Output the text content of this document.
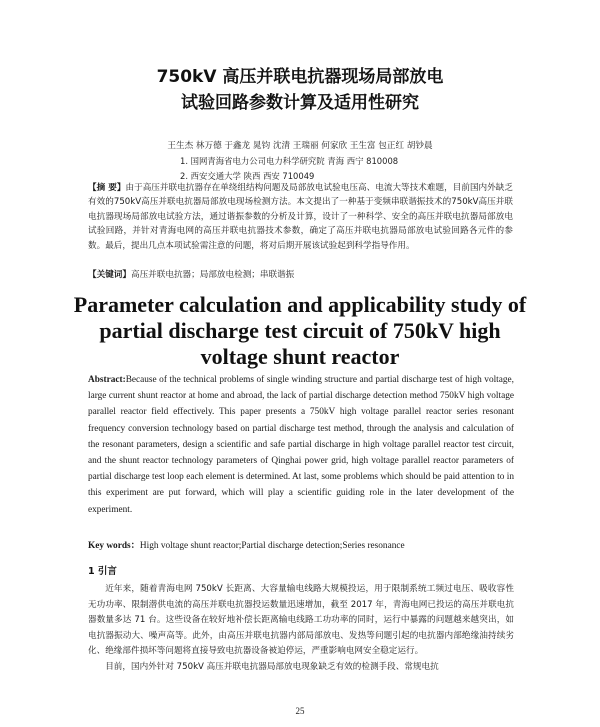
750kV 高压并联电抗器现场局部放电
试验回路参数计算及适用性研究
王生杰 林万德 于鑫龙 晁钧 沈清 王瑞丽 何家欣 王生富 包正红 胡钞晨
1. 国网青海省电力公司电力科学研究院 青海 西宁 810008
2. 西安交通大学 陕西 西安 710049
【摘 要】由于高压并联电抗器存在单绕组结构问题及局部放电试验电压高、电流大等技术难题，目前国内外缺乏有效的750kV高压并联电抗器局部放电现场检测方法。本文提出了一种基于变频串联谐振技术的750kV高压并联电抗器现场局部放电试验方法，通过谐振参数的分析及计算，设计了一种科学、安全的高压并联电抗器局部放电试验回路，并针对青海电网的高压并联电抗器技术参数，确定了高压并联电抗器局部放电试验回路各元件的参数。最后，提出几点本项试验需注意的问题，将对后期开展该试验起到科学指导作用。
【关键词】高压并联电抗器；局部放电检测；串联谐振
Parameter calculation and applicability study of
partial discharge test circuit of 750kV high
voltage shunt reactor
Abstract:Because of the technical problems of single winding structure and partial discharge test of high voltage, large current shunt reactor at home and abroad, the lack of partial discharge detection method 750kV high voltage parallel reactor field effectively. This paper presents a 750kV high voltage parallel reactor series resonant frequency conversion technology based on partial discharge test method, through the analysis and calculation of the resonant parameters, design a scientific and safe partial discharge in high voltage parallel reactor test circuit, and the shunt reactor technology parameters of Qinghai power grid, high voltage parallel reactor parameters of partial discharge test loop each element is determined. At last, some problems which should be paid attention to in this experiment are put forward, which will play a scientific guiding role in the later development of the experiment.
Key words：High voltage shunt reactor;Partial discharge detection;Series resonance
1 引言

近年来，随着青海电网 750kV 长距离、大容量输电线路大规模投运，用于限制系统工频过电压、吸收容性无功功率、限制潜供电流的高压并联电抗器投运数量迅速增加，截至 2017 年，青海电网已投运的高压并联电抗器数量多达 71 台。这些设备在较好地补偿长距离输电线路工功功率的同时，运行中暴露的问题越来越突出，如电抗器振动大、噪声高等。此外，由高压并联电抗器内部局部放电、发热等问题引起的电抗器内部绝缘油持续劣化、绝缘部件损坏等问题将直接导致电抗器设备被迫停运，严重影响电网安全稳定运行。

目前，国内外针对 750kV 高压并联电抗器局部放电现象缺乏有效的检测手段、常规电抗

25
